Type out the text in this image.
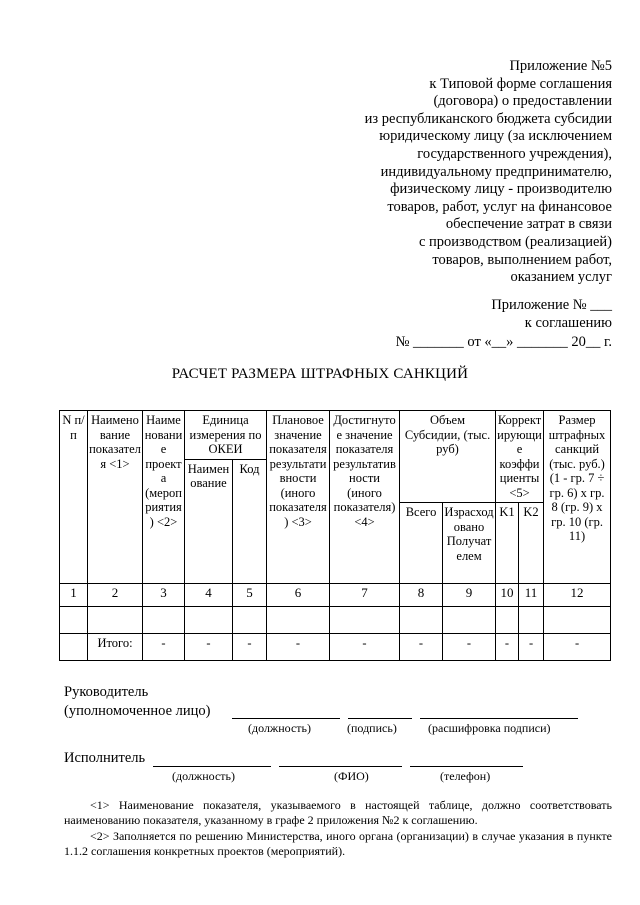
Приложение №5
к Типовой форме соглашения
(договора) о предоставлении
из республиканского бюджета субсидии
юридическому лицу (за исключением
государственного учреждения),
индивидуальному предпринимателю,
физическому лицу - производителю
товаров, работ, услуг на финансовое
обеспечение затрат в связи
с производством (реализацией)
товаров, выполнением работ,
оказанием услуг
Приложение № ___
к соглашению
№ _______ от «__» _______ 20__ г.
РАСЧЕТ РАЗМЕРА ШТРАФНЫХ САНКЦИЙ
N п/п	Наименование показателя <1>	Наименование проекта (мероприятия) <2>	Единица измерения по ОКЕИ		Плановое значение показателя результативности (иного показателя) <3>	Достигнутое значение показателя результативности (иного показателя) <4>	Объем Субсидии, (тыс. руб)		Корректирующие коэффициенты <5>		Размер штрафных санкций (тыс. руб.) (1 - гр. 7 ÷ гр. 6) x гр. 8 (гр. 9) x гр. 10 (гр. 11)
			Наименование	Код							
							Всего	Израсходовано Получателем	K1	K2	
1	2	3	4	5	6	7	8	9	10	11	12

	Итого:	-	-	-	-	-	-	-	-	-	-
Руководитель
(уполномоченное лицо)
(должность)	(подпись)	(расшифровка подписи)
Исполнитель
(должность)	(ФИО)	(телефон)

<1> Наименование показателя, указываемого в настоящей таблице, должно соответствовать наименованию показателя, указанному в графе 2 приложения №2 к соглашению.

<2> Заполняется по решению Министерства, иного органа (организации) в случае указания в пункте 1.1.2 соглашения конкретных проектов (мероприятий).
